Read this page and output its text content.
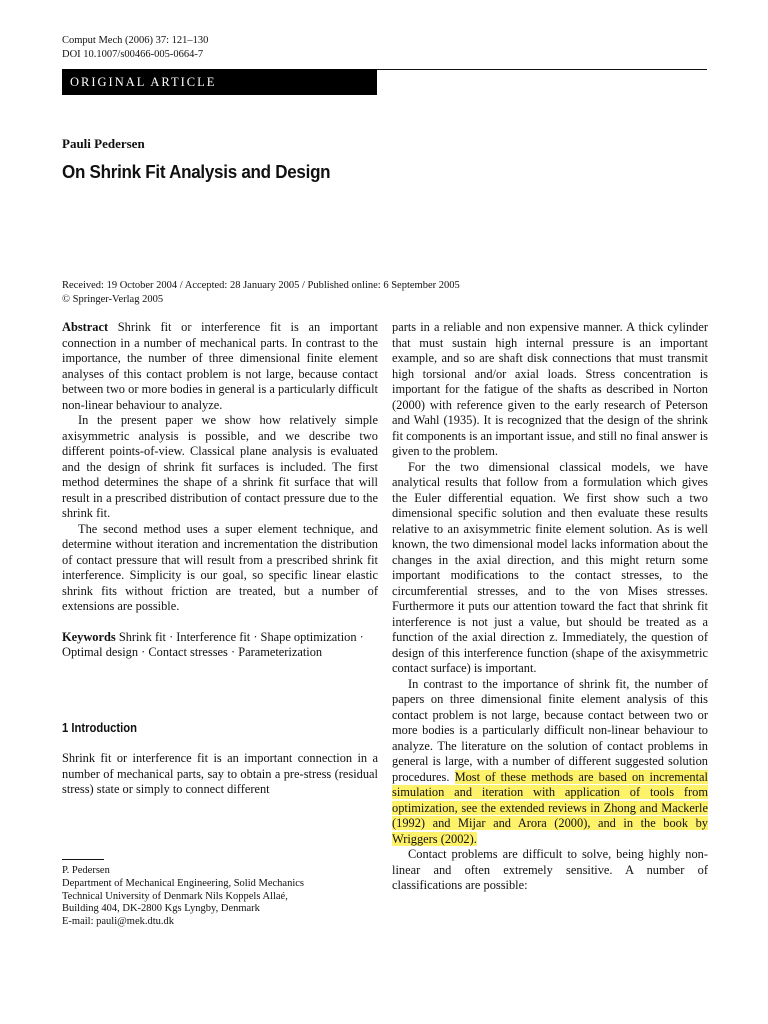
Comput Mech (2006) 37: 121–130
DOI 10.1007/s00466-005-0664-7
ORIGINAL ARTICLE
Pauli Pedersen
On Shrink Fit Analysis and Design
Received: 19 October 2004 / Accepted: 28 January 2005 / Published online: 6 September 2005
© Springer-Verlag 2005

Abstract Shrink fit or interference fit is an important connection in a number of mechanical parts. In contrast to the importance, the number of three dimensional finite element analyses of this contact problem is not large, because contact between two or more bodies in general is a particularly difficult non-linear behaviour to analyze.

In the present paper we show how relatively simple axisymmetric analysis is possible, and we describe two different points-of-view. Classical plane analysis is evaluated and the design of shrink fit surfaces is included. The first method determines the shape of a shrink fit surface that will result in a prescribed distribution of contact pressure due to the shrink fit.

The second method uses a super element technique, and determine without iteration and incrementation the distribution of contact pressure that will result from a prescribed shrink fit interference. Simplicity is our goal, so specific linear elastic shrink fits without friction are treated, but a number of extensions are possible.

Keywords Shrink fit · Interference fit · Shape optimization · Optimal design · Contact stresses · Parameterization

1 Introduction

Shrink fit or interference fit is an important connection in a number of mechanical parts, say to obtain a pre-stress (residual stress) state or simply to connect different

P. Pedersen
Department of Mechanical Engineering, Solid Mechanics
Technical University of Denmark Nils Koppels Allaé,
Building 404, DK-2800 Kgs Lyngby, Denmark
E-mail: pauli@mek.dtu.dk

parts in a reliable and non expensive manner. A thick cylinder that must sustain high internal pressure is an important example, and so are shaft disk connections that must transmit high torsional and/or axial loads. Stress concentration is important for the fatigue of the shafts as described in Norton (2000) with reference given to the early research of Peterson and Wahl (1935). It is recognized that the design of the shrink fit components is an important issue, and still no final answer is given to the problem.

For the two dimensional classical models, we have analytical results that follow from a formulation which gives the Euler differential equation. We first show such a two dimensional specific solution and then evaluate these results relative to an axisymmetric finite element solution. As is well known, the two dimensional model lacks information about the changes in the axial direction, and this might return some important modifications to the contact stresses, to the circumferential stresses, and to the von Mises stresses. Furthermore it puts our attention toward the fact that shrink fit interference is not just a value, but should be treated as a function of the axial direction z. Immediately, the question of design of this interference function (shape of the axisymmetric contact surface) is important.

In contrast to the importance of shrink fit, the number of papers on three dimensional finite element analysis of this contact problem is not large, because contact between two or more bodies is a particularly difficult non-linear behaviour to analyze. The literature on the solution of contact problems in general is large, with a number of different suggested solution procedures. Most of these methods are based on incremental simulation and iteration with application of tools from optimization, see the extended reviews in Zhong and Mackerle (1992) and Mijar and Arora (2000), and in the book by Wriggers (2002).

Contact problems are difficult to solve, being highly non-linear and often extremely sensitive. A number of classifications are possible:
